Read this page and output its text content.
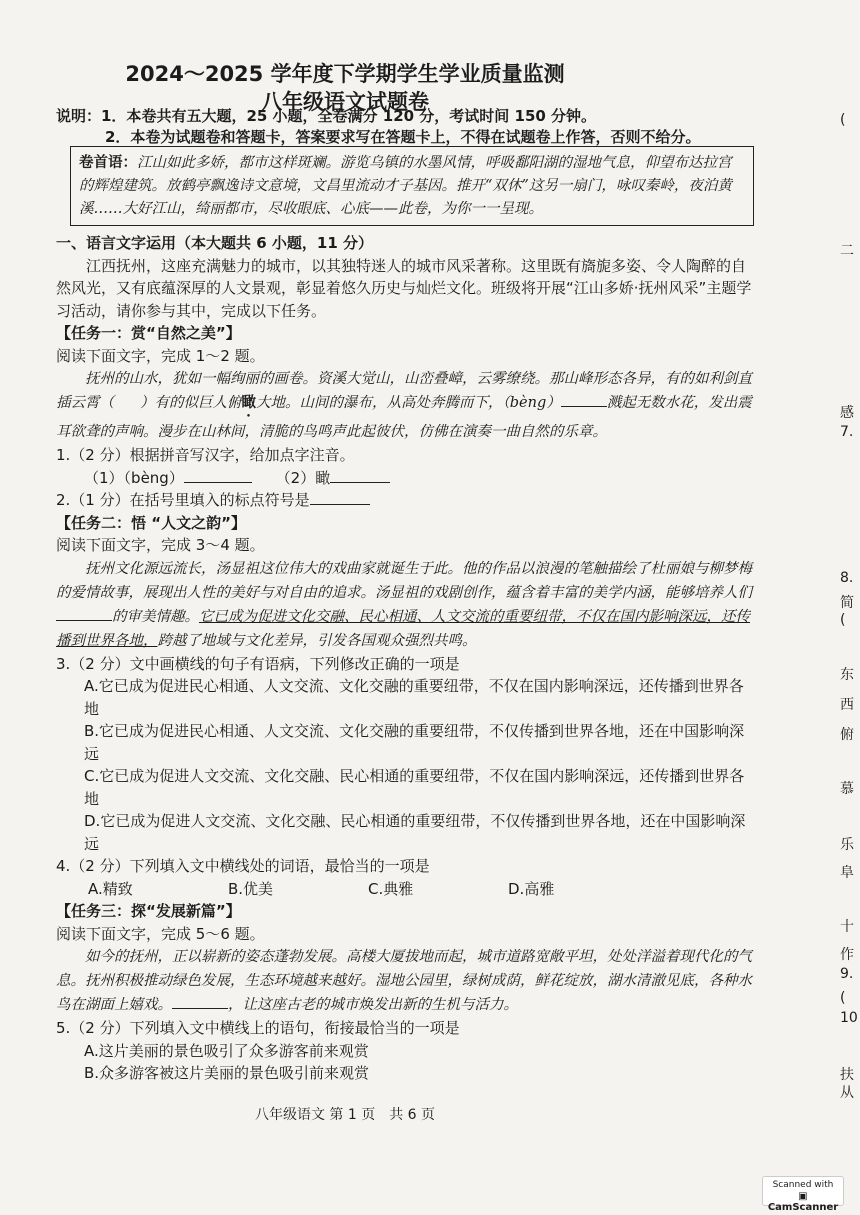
2024～2025 学年度下学期学生学业质量监测
八年级语文试题卷
说明：1．本卷共有五大题，25 小题，全卷满分 120 分，考试时间 150 分钟。
2．本卷为试题卷和答题卡，答案要求写在答题卡上，不得在试题卷上作答，否则不给分。
卷首语：江山如此多娇，都市这样斑斓。游览乌镇的水墨风情，呼吸鄱阳湖的湿地气息，仰望布达拉宫的辉煌建筑。放鹤亭飘逸诗文意境，文昌里流动才子基因。推开“双休”这另一扇门，咏叹秦岭，夜泊黄溪……大好江山，绮丽都市，尽收眼底、心底——此卷，为你一一呈现。

一、语言文字运用（本大题共 6 小题，11 分）

江西抚州，这座充满魅力的城市，以其独特迷人的城市风采著称。这里既有旖旎多姿、令人陶醉的自然风光，又有底蕴深厚的人文景观，彰显着悠久历史与灿烂文化。班级将开展“江山多娇·抚州风采”主题学习活动，请你参与其中，完成以下任务。

【任务一：赏“自然之美”】

阅读下面文字，完成 1～2 题。

抚州的山水，犹如一幅绚丽的画卷。资溪大觉山，山峦叠嶂，云雾缭绕。那山峰形态各异，有的如利剑直插云霄（ ）有的似巨人俯瞰大地。山间的瀑布，从高处奔腾而下，（bèng）	溅起无数水花，发出震耳欲聋的声响。漫步在山林间，清脆的鸟鸣声此起彼伏，仿佛在演奏一曲自然的乐章。

1.（2 分）根据拼音写汉字，给加点字注音。

（1）（bèng）	（2）瞰

2.（1 分）在括号里填入的标点符号是

【任务二：悟 “人文之韵”】

阅读下面文字，完成 3～4 题。

抚州文化源远流长，汤显祖这位伟大的戏曲家就诞生于此。他的作品以浪漫的笔触描绘了杜丽娘与柳梦梅的爱情故事，展现出人性的美好与对自由的追求。汤显祖的戏剧创作，蕴含着丰富的美学内涵，能够培养人们的审美情趣。它已成为促进文化交融、民心相通、人文交流的重要纽带，不仅在国内影响深远，还传播到世界各地，跨越了地域与文化差异，引发各国观众强烈共鸣。

3.（2 分）文中画横线的句子有语病，下列修改正确的一项是

A.它已成为促进民心相通、人文交流、文化交融的重要纽带，不仅在国内影响深远，还传播到世界各地

B.它已成为促进民心相通、人文交流、文化交融的重要纽带，不仅传播到世界各地，还在中国影响深远

C.它已成为促进人文交流、文化交融、民心相通的重要纽带，不仅在国内影响深远，还传播到世界各地

D.它已成为促进人文交流、文化交融、民心相通的重要纽带，不仅传播到世界各地，还在中国影响深远

4.（2 分）下列填入文中横线处的词语，最恰当的一项是

A.精致	B.优美	C.典雅	D.高雅

【任务三：探“发展新篇”】

阅读下面文字，完成 5～6 题。

如今的抚州，正以崭新的姿态蓬勃发展。高楼大厦拔地而起，城市道路宽敞平坦，处处洋溢着现代化的气息。抚州积极推动绿色发展，生态环境越来越好。湿地公园里，绿树成荫，鲜花绽放，湖水清澈见底，各种水鸟在湖面上嬉戏。	，让这座古老的城市焕发出新的生机与活力。

5.（2 分）下列填入文中横线上的语句，衔接最恰当的一项是

A.这片美丽的景色吸引了众多游客前来观赏

B.众多游客被这片美丽的景色吸引前来观赏

八年级语文 第 1 页　共 6 页
(
二
感
7.
8.
简
(
东
西
俯
慕
乐
阜
十
作
9.
(
10
扶
从
Scanned with
▣ CamScanner
